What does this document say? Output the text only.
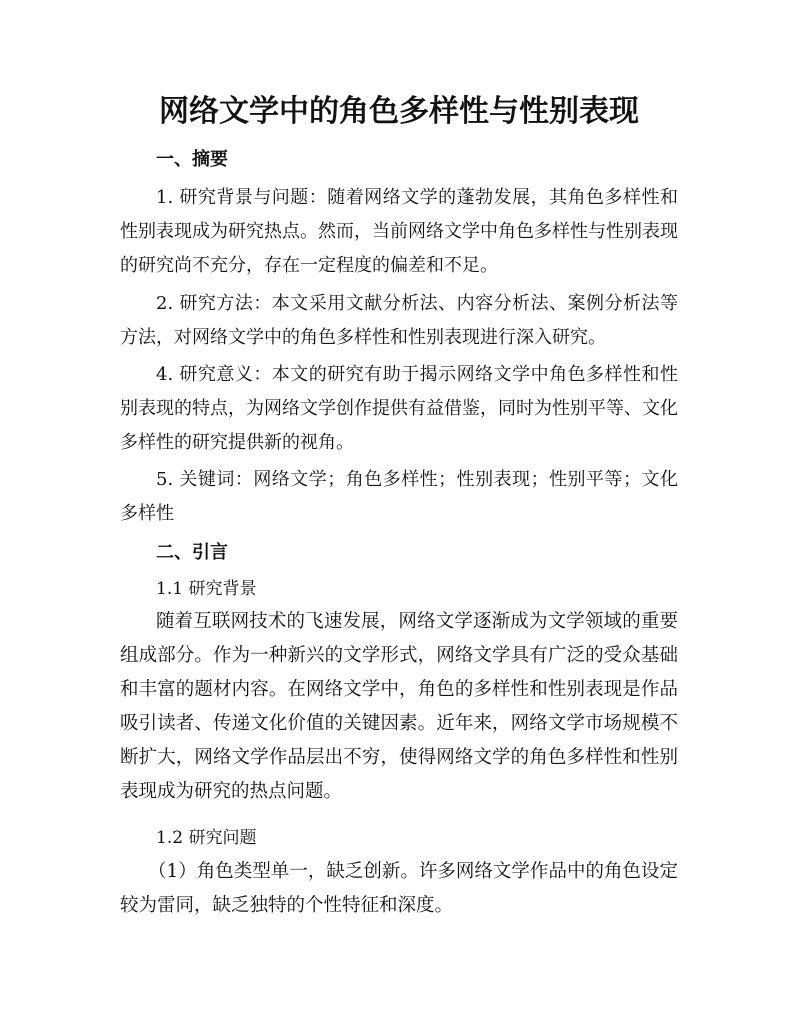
网络文学中的角色多样性与性别表现
一、摘要

1. 研究背景与问题：随着网络文学的蓬勃发展，其角色多样性和性别表现成为研究热点。然而，当前网络文学中角色多样性与性别表现的研究尚不充分，存在一定程度的偏差和不足。

2. 研究方法：本文采用文献分析法、内容分析法、案例分析法等方法，对网络文学中的角色多样性和性别表现进行深入研究。

4. 研究意义：本文的研究有助于揭示网络文学中角色多样性和性别表现的特点，为网络文学创作提供有益借鉴，同时为性别平等、文化多样性的研究提供新的视角。

5. 关键词：网络文学；角色多样性；性别表现；性别平等；文化多样性

二、引言
1.1 研究背景

随着互联网技术的飞速发展，网络文学逐渐成为文学领域的重要组成部分。作为一种新兴的文学形式，网络文学具有广泛的受众基础和丰富的题材内容。在网络文学中，角色的多样性和性别表现是作品吸引读者、传递文化价值的关键因素。近年来，网络文学市场规模不断扩大，网络文学作品层出不穷，使得网络文学的角色多样性和性别表现成为研究的热点问题。

1.2 研究问题

（1）角色类型单一，缺乏创新。许多网络文学作品中的角色设定较为雷同，缺乏独特的个性特征和深度。
